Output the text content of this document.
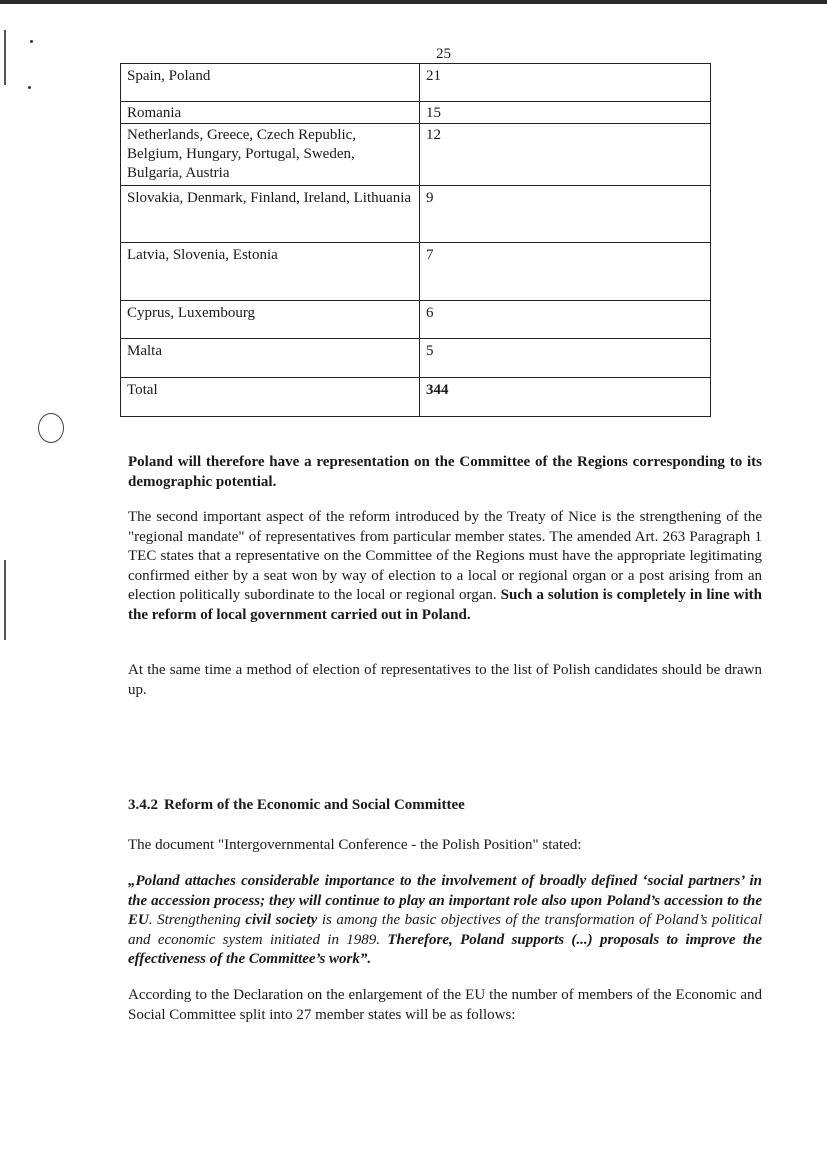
25
Spain, Poland	21
Romania	15
Netherlands, Greece, Czech Republic, Belgium, Hungary, Portugal, Sweden, Bulgaria, Austria	12
Slovakia, Denmark, Finland, Ireland, Lithuania	9
Latvia, Slovenia, Estonia	7
Cyprus, Luxembourg	6
Malta	5
Total	344

Poland will therefore have a representation on the Committee of the Regions corresponding to its demographic potential.

The second important aspect of the reform introduced by the Treaty of Nice is the strengthening of the "regional mandate" of representatives from particular member states. The amended Art. 263 Paragraph 1 TEC states that a representative on the Committee of the Regions must have the appropriate legitimating confirmed either by a seat won by way of election to a local or regional organ or a post arising from an election politically subordinate to the local or regional organ. Such a solution is completely in line with the reform of local government carried out in Poland.

At the same time a method of election of representatives to the list of Polish candidates should be drawn up.

3.4.2 Reform of the Economic and Social Committee

The document "Intergovernmental Conference - the Polish Position" stated:

„Poland attaches considerable importance to the involvement of broadly defined ‘social partners’ in the accession process; they will continue to play an important role also upon Poland’s accession to the EU. Strengthening civil society is among the basic objectives of the transformation of Poland’s political and economic system initiated in 1989. Therefore, Poland supports (...) proposals to improve the effectiveness of the Committee’s work”.

According to the Declaration on the enlargement of the EU the number of members of the Economic and Social Committee split into 27 member states will be as follows:
